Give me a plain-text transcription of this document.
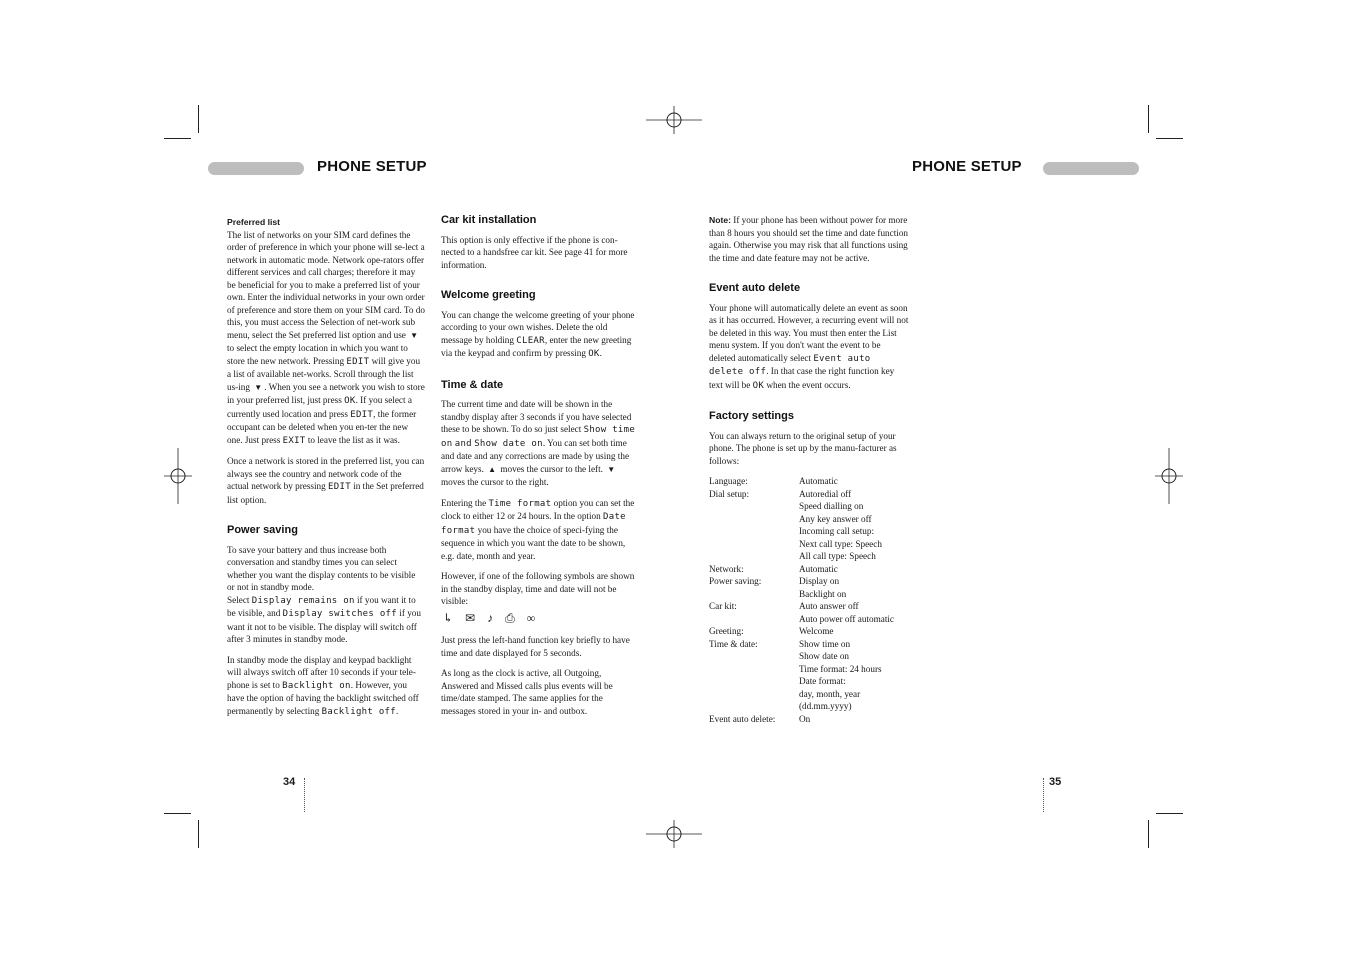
PHONE SETUP	PHONE SETUP
Preferred list

The list of networks on your SIM card defines the order of preference in which your phone will se-lect a network in automatic mode. Network ope-rators offer different services and call charges; therefore it may be beneficial for you to make a preferred list of your own. Enter the individual networks in your own order of preference and store them on your SIM card. To do this, you must access the Selection of net-work sub menu, select the Set preferred list option and use ▼ to select the empty location in which you want to store the new network. Pressing EDIT will give you a list of available net-works. Scroll through the list us-ing ▼ . When you see a network you wish to store in your preferred list, just press OK. If you select a currently used location and press EDIT, the former occupant can be deleted when you en-ter the new one. Just press EXIT to leave the list as it was.

Once a network is stored in the preferred list, you can always see the country and network code of the actual network by pressing EDIT in the Set preferred list option.

Power saving

To save your battery and thus increase both conversation and standby times you can select whether you want the display contents to be visible or not in standby mode.

Select Display remains on if you want it to be visible, and Display switches off if you want it not to be visible. The display will switch off after 3 minutes in standby mode.

In standby mode the display and keypad backlight will always switch off after 10 seconds if your tele-phone is set to Backlight on. However, you have the option of having the backlight switched off permanently by selecting Backlight off.

Car kit installation

This option is only effective if the phone is con-nected to a handsfree car kit. See page 41 for more information.

Welcome greeting

You can change the welcome greeting of your phone according to your own wishes. Delete the old message by holding CLEAR, enter the new greeting via the keypad and confirm by pressing OK.

Time & date

The current time and date will be shown in the standby display after 3 seconds if you have selected these to be shown. To do so just select Show time on and Show date on. You can set both time and date and any corrections are made by using the arrow keys. ▲ moves the cursor to the left. ▼ moves the cursor to the right.

Entering the Time format option you can set the clock to either 12 or 24 hours. In the option Date format you have the choice of speci-fying the sequence in which you want the date to be shown, e.g. date, month and year.

However, if one of the following symbols are shown in the standby display, time and date will not be visible:

↳ ✉ ♪ ⎙ ∞

Just press the left-hand function key briefly to have time and date displayed for 5 seconds.

As long as the clock is active, all Outgoing, Answered and Missed calls plus events will be time/date stamped. The same applies for the messages stored in your in- and outbox.

Note: If your phone has been without power for more than 8 hours you should set the time and date function again. Otherwise you may risk that all functions using the time and date feature may not be active.

Event auto delete

Your phone will automatically delete an event as soon as it has occurred. However, a recurring event will not be deleted in this way. You must then enter the List menu system. If you don't want the event to be deleted automatically select Event auto delete off. In that case the right function key text will be OK when the event occurs.

Factory settings

You can always return to the original setup of your phone. The phone is set up by the manu-facturer as follows:

Language:	Automatic
Dial setup:	Autoredial off
Speed dialling on
Any key answer off
Incoming call setup:
Next call type: Speech
All call type: Speech
Network:	Automatic
Power saving:	Display on
Backlight on
Car kit:	Auto answer off
Auto power off automatic
Greeting:	Welcome
Time & date:	Show time on
Show date on
Time format: 24 hours
Date format:
day, month, year
(dd.mm.yyyy)
Event auto delete:	On
34	35
